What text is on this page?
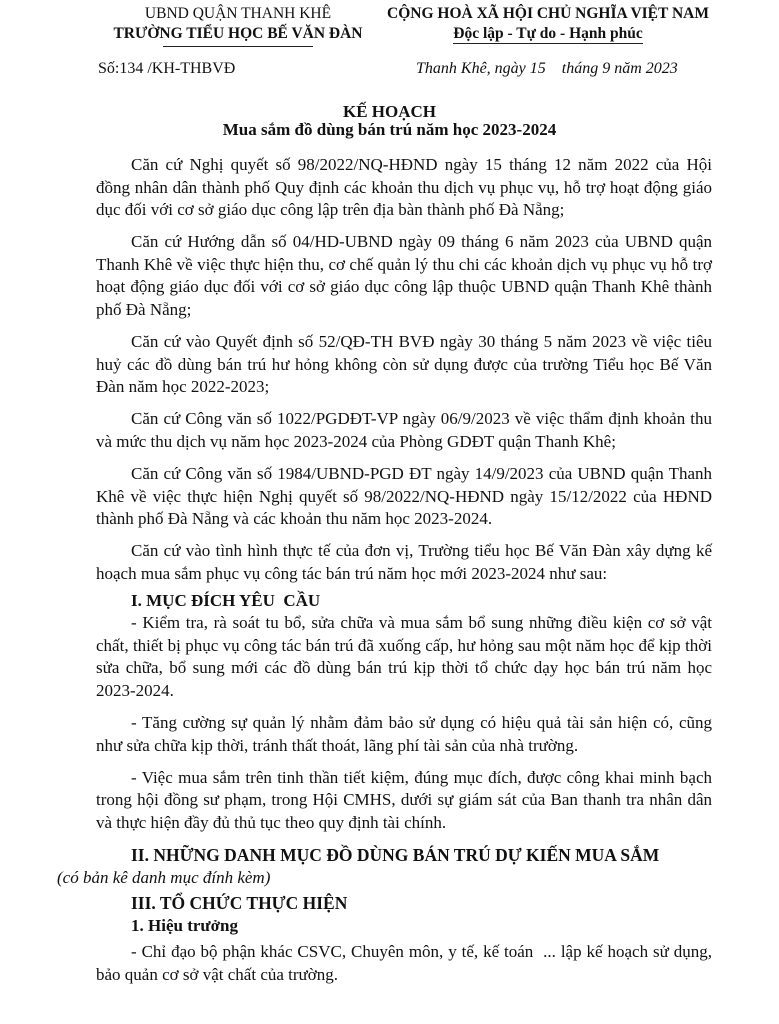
UBND QUẬN THANH KHÊ
TRƯỜNG TIỂU HỌC BẾ VĂN ĐÀN
CỘNG HOÀ XÃ HỘI CHỦ NGHĨA VIỆT NAM
Độc lập - Tự do - Hạnh phúc
Số:134 /KH-THBVĐ	Thanh Khê, ngày 15    tháng 9 năm 2023
KẾ HOẠCH
Mua sắm đồ dùng bán trú năm học 2023-2024

Căn cứ Nghị quyết số 98/2022/NQ-HĐND ngày 15 tháng 12 năm 2022 của Hội đồng nhân dân thành phố Quy định các khoản thu dịch vụ phục vụ, hỗ trợ hoạt động giáo dục đối với cơ sở giáo dục công lập trên địa bàn thành phố Đà Nẵng;

Căn cứ Hướng dẫn số 04/HD-UBND ngày 09 tháng 6 năm 2023 của UBND quận Thanh Khê về việc thực hiện thu, cơ chế quản lý thu chi các khoản dịch vụ phục vụ hỗ trợ hoạt động giáo dục đối với cơ sở giáo dục công lập thuộc UBND quận Thanh Khê thành phố Đà Nẵng;

Căn cứ vào Quyết định số 52/QĐ-TH BVĐ ngày 30 tháng 5 năm 2023 về việc tiêu huỷ các đồ dùng bán trú hư hỏng không còn sử dụng được của trường Tiểu học Bế Văn Đàn năm học 2022-2023;

Căn cứ Công văn số 1022/PGDĐT-VP ngày 06/9/2023 về việc thẩm định khoản thu và mức thu dịch vụ năm học 2023-2024 của Phòng GDĐT quận Thanh Khê;

Căn cứ Công văn số 1984/UBND-PGD ĐT ngày 14/9/2023 của UBND quận Thanh Khê về việc thực hiện Nghị quyết số 98/2022/NQ-HĐND ngày 15/12/2022 của HĐND thành phố Đà Nẵng và các khoản thu năm học 2023-2024.

Căn cứ vào tình hình thực tế của đơn vị, Trường tiểu học Bế Văn Đàn xây dựng kế hoạch mua sắm phục vụ công tác bán trú năm học mới 2023-2024 như sau:

I. MỤC ĐÍCH YÊU  CẦU

- Kiểm tra, rà soát tu bổ, sửa chữa và mua sắm bổ sung những điều kiện cơ sở vật chất, thiết bị phục vụ công tác bán trú đã xuống cấp, hư hỏng sau một năm học để kịp thời sửa chữa, bổ sung mới các đồ dùng bán trú kịp thời tổ chức dạy học bán trú năm học 2023-2024.

- Tăng cường sự quản lý nhằm đảm bảo sử dụng có hiệu quả tài sản hiện có, cũng như sửa chữa kịp thời, tránh thất thoát, lãng phí tài sản của nhà trường.

- Việc mua sắm trên tinh thần tiết kiệm, đúng mục đích, được công khai minh bạch trong hội đồng sư phạm, trong Hội CMHS, dưới sự giám sát của Ban thanh tra nhân dân và thực hiện đầy đủ thủ tục theo quy định tài chính.

II. NHỮNG DANH MỤC ĐỒ DÙNG BÁN TRÚ DỰ KIẾN MUA SẮM

(có bản kê danh mục đính kèm)

III. TỔ CHỨC THỰC HIỆN

1. Hiệu trưởng

- Chỉ đạo bộ phận khác CSVC, Chuyên môn, y tế, kế toán  ... lập kế hoạch sử dụng, bảo quản cơ sở vật chất của trường.
